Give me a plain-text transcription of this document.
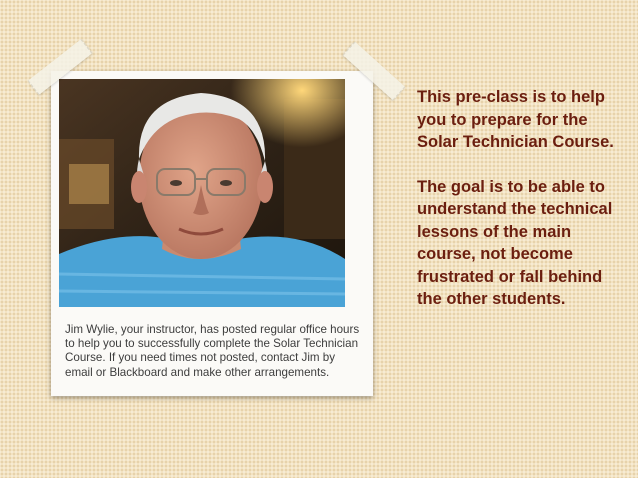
Jim Wylie, your instructor, has posted regular office hours to help you to successfully complete the Solar Technician Course. If you need times not posted, contact Jim by email or Blackboard and make other arrangements.

This pre-class is to help you to prepare for the Solar Technician Course.

The goal is to be able to understand the technical lessons of the main course, not become frustrated or fall behind the other students.
